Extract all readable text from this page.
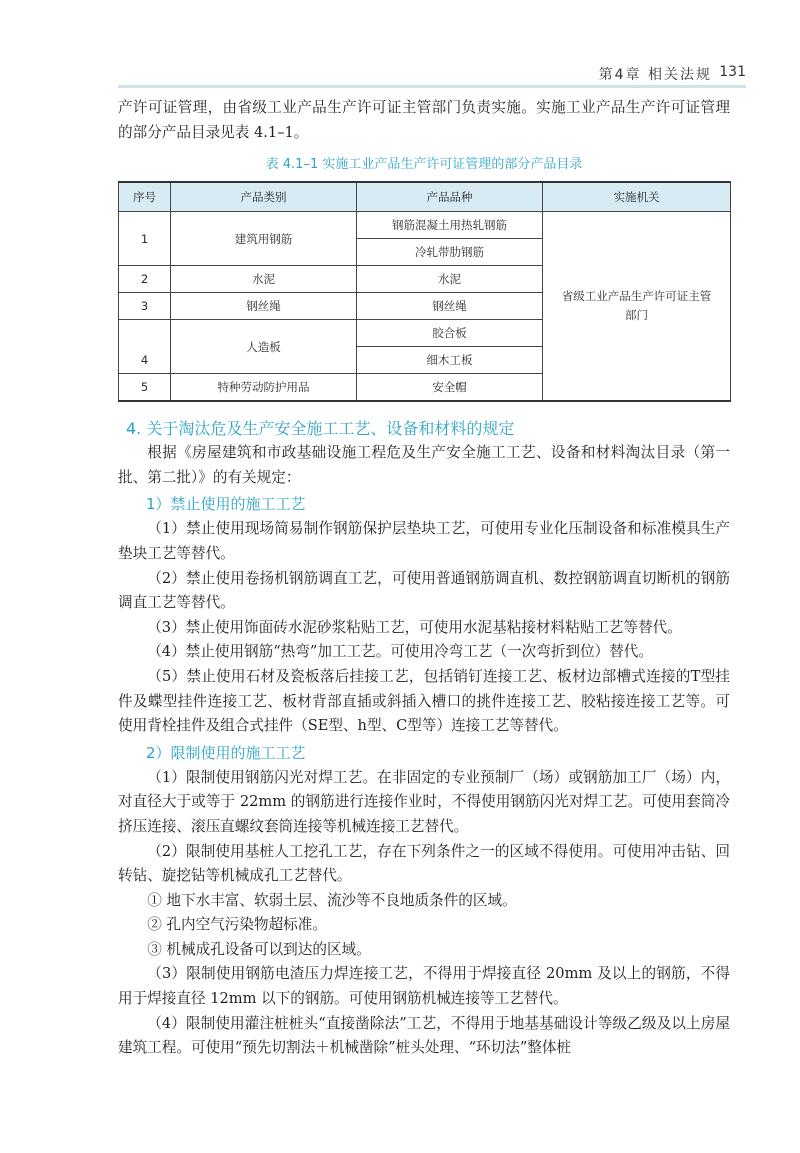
第4章 相关法规 131

产许可证管理，由省级工业产品生产许可证主管部门负责实施。实施工业产品生产许可证管理的部分产品目录见表 4.1–1。

表 4.1–1 实施工业产品生产许可证管理的部分产品目录
序号	产品类别	产品品种	实施机关
1	建筑用钢筋	钢筋混凝土用热轧钢筋	省级工业产品生产许可证主管部门
		冷轧带肋钢筋	
2	水泥	水泥	
3	钢丝绳	钢丝绳	
4	人造板	胶合板	
		细木工板	
5	特种劳动防护用品	安全帽	
4. 关于淘汰危及生产安全施工工艺、设备和材料的规定

根据《房屋建筑和市政基础设施工程危及生产安全施工工艺、设备和材料淘汰目录（第一批、第二批）》的有关规定：

1）禁止使用的施工工艺

（1）禁止使用现场简易制作钢筋保护层垫块工艺，可使用专业化压制设备和标准模具生产垫块工艺等替代。

（2）禁止使用卷扬机钢筋调直工艺，可使用普通钢筋调直机、数控钢筋调直切断机的钢筋调直工艺等替代。

（3）禁止使用饰面砖水泥砂浆粘贴工艺，可使用水泥基粘接材料粘贴工艺等替代。

（4）禁止使用钢筋“热弯”加工工艺。可使用冷弯工艺（一次弯折到位）替代。

（5）禁止使用石材及瓷板落后挂接工艺，包括销钉连接工艺、板材边部槽式连接的T型挂件及蝶型挂件连接工艺、板材背部直插或斜插入槽口的挑件连接工艺、胶粘接连接工艺等。可使用背栓挂件及组合式挂件（SE型、h型、C型等）连接工艺等替代。

2）限制使用的施工工艺

（1）限制使用钢筋闪光对焊工艺。在非固定的专业预制厂（场）或钢筋加工厂（场）内，对直径大于或等于 22mm 的钢筋进行连接作业时，不得使用钢筋闪光对焊工艺。可使用套筒冷挤压连接、滚压直螺纹套筒连接等机械连接工艺替代。

（2）限制使用基桩人工挖孔工艺，存在下列条件之一的区域不得使用。可使用冲击钻、回转钻、旋挖钻等机械成孔工艺替代。

① 地下水丰富、软弱土层、流沙等不良地质条件的区域。

② 孔内空气污染物超标准。

③ 机械成孔设备可以到达的区域。

（3）限制使用钢筋电渣压力焊连接工艺，不得用于焊接直径 20mm 及以上的钢筋，不得用于焊接直径 12mm 以下的钢筋。可使用钢筋机械连接等工艺替代。

（4）限制使用灌注桩桩头“直接凿除法”工艺，不得用于地基基础设计等级乙级及以上房屋建筑工程。可使用“预先切割法＋机械凿除”桩头处理、“环切法”整体桩
